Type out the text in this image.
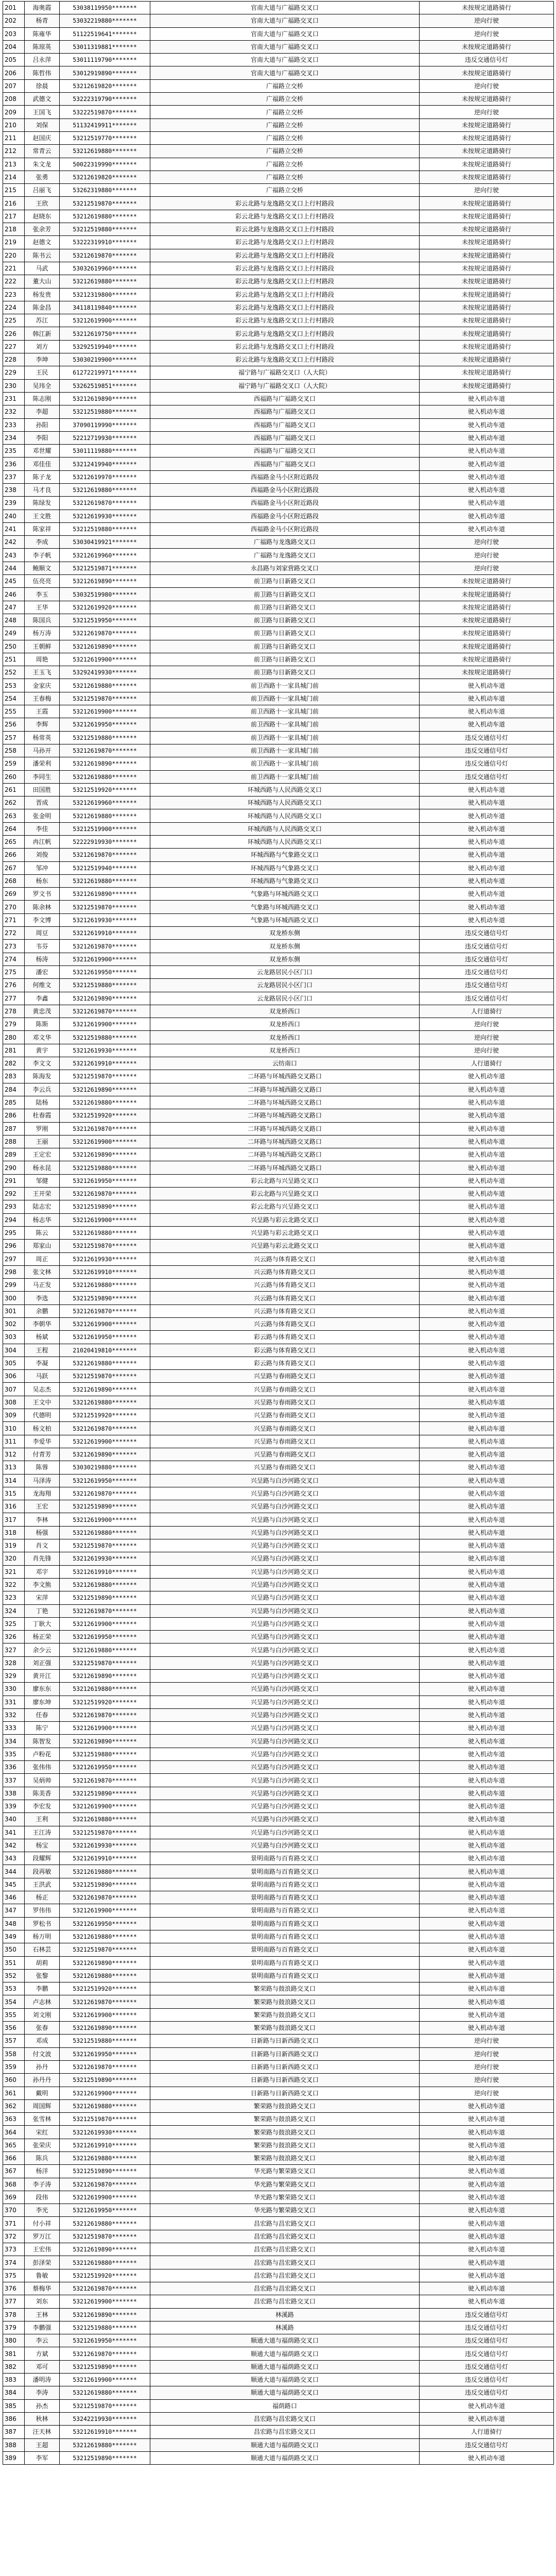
201	海奥霞	53038119950*******	官南大道与广福路交叉口	未按规定道路骑行
202	杨青	53032219880*******	官南大道与广福路交叉口	逆向行驶
203	陈雍华	51122519641*******	官南大道与广福路交叉口	逆向行驶
204	陈琼英	53011319881*******	官南大道与广福路交叉口	未按规定道路骑行
205	吕永萍	53011119790*******	官南大道与广福路交叉口	违反交通信号灯
206	陈哲伟	53012919890*******	官南大道与广福路交叉口	未按规定道路骑行
207	徐晨	53212619820*******	广福路立交桥	逆向行驶
208	武德文	53222319790*******	广福路立交桥	未按规定道路骑行
209	王国飞	53222519870*******	广福路立交桥	逆向行驶
210	刘保	51132419911*******	广福路立交桥	未按规定道路骑行
211	赵国庆	53212519770*******	广福路立交桥	未按规定道路骑行
212	常青云	53212619880*******	广福路立交桥	未按规定道路骑行
213	朱文龙	50022319990*******	广福路立交桥	未按规定道路骑行
214	张勇	53212619820*******	广福路立交桥	未按规定道路骑行
215	吕丽飞	53262319880*******	广福路立交桥	逆向行驶
216	王欣	53212519870*******	彩云北路与龙逸路交叉口上行村路段	未按规定道路骑行
217	赵晓东	53212619880*******	彩云北路与龙逸路交叉口上行村路段	未按规定道路骑行
218	张余芳	53212519880*******	彩云北路与龙逸路交叉口上行村路段	未按规定道路骑行
219	赵德文	53222319910*******	彩云北路与龙逸路交叉口上行村路段	未按规定道路骑行
220	陈书云	53212619870*******	彩云北路与龙逸路交叉口上行村路段	未按规定道路骑行
221	马武	53032619960*******	彩云北路与龙逸路交叉口上行村路段	未按规定道路骑行
222	董大山	53212619880*******	彩云北路与龙逸路交叉口上行村路段	未按规定道路骑行
223	杨发贵	53212319800*******	彩云北路与龙逸路交叉口上行村路段	未按规定道路骑行
224	陈金昌	34118119840*******	彩云北路与龙逸路交叉口上行村路段	未按规定道路骑行
225	苏江	53212619900*******	彩云北路与龙逸路交叉口上行村路段	未按规定道路骑行
226	韩江新	53212619750*******	彩云北路与龙逸路交叉口上行村路段	未按规定道路骑行
227	刘方	53292519940*******	彩云北路与龙逸路交叉口上行村路段	未按规定道路骑行
228	李坤	53030219900*******	彩云北路与龙逸路交叉口上行村路段	未按规定道路骑行
229	王民	61272219971*******	福宁路与广福路交叉口（人大院）	未按规定道路骑行
230	吴玮全	53262519851*******	福宁路与广福路交叉口（人大院）	未按规定道路骑行
231	陈志刚	53212619890*******	西福路与广福路交叉口	驶入机动车道
232	李超	53212519880*******	西福路与广福路交叉口	驶入机动车道
233	孙阳	37090119990*******	西福路与广福路交叉口	驶入机动车道
234	李阳	52212719930*******	西福路与广福路交叉口	驶入机动车道
235	邓世耀	53011119880*******	西福路与广福路交叉口	驶入机动车道
236	邓佳佳	53212419940*******	西福路与广福路交叉口	驶入机动车道
237	陈子龙	53212619970*******	西福路金马小区附近路段	驶入机动车道
238	马才良	53212619880*******	西福路金马小区附近路段	驶入机动车道
239	陈绿发	53212619870*******	西福路金马小区附近路段	驶入机动车道
240	王文胜	53212619930*******	西福路金马小区附近路段	驶入机动车道
241	陈家祥	53212519880*******	西福路金马小区附近路段	驶入机动车道
242	李成	53030419921*******	广福路与龙逸路交叉口	逆向行驶
243	李子帆	53212619960*******	广福路与龙逸路交叉口	逆向行驶
244	鲍顺文	53212519871*******	永昌路与刘家营路交叉口	逆向行驶
245	伍亮亮	53212619890*******	前卫路与日新路交叉口	未按规定道路骑行
246	李玉	53032519980*******	前卫路与日新路交叉口	未按规定道路骑行
247	王华	53212619920*******	前卫路与日新路交叉口	未按规定道路骑行
248	陈国兵	53212519950*******	前卫路与日新路交叉口	未按规定道路骑行
249	杨万涛	53212619870*******	前卫路与日新路交叉口	未按规定道路骑行
250	王朝鲜	53212619890*******	前卫路与日新路交叉口	未按规定道路骑行
251	周艳	53212619900*******	前卫路与日新路交叉口	未按规定道路骑行
252	王玉飞	53292419930*******	前卫路与日新路交叉口	未按规定道路骑行
253	金家庆	53212619880*******	前卫西路十一家具城门前	驶入机动车道
254	王春梅	53212519870*******	前卫西路十一家具城门前	驶入机动车道
255	王霞	53212619900*******	前卫西路十一家具城门前	驶入机动车道
256	李辉	53212619950*******	前卫西路十一家具城门前	驶入机动车道
257	杨常英	53212519880*******	前卫西路十一家具城门前	违反交通信号灯
258	马孙开	53212619870*******	前卫西路十一家具城门前	违反交通信号灯
259	潘荣利	53212619890*******	前卫西路十一家具城门前	违反交通信号灯
260	李同生	53212619880*******	前卫西路十一家具城门前	违反交通信号灯
261	田国胜	53212519920*******	环城西路与人民西路交叉口	驶入机动车道
262	晋成	53212619960*******	环城西路与人民西路交叉口	驶入机动车道
263	张金明	53212619880*******	环城西路与人民西路交叉口	驶入机动车道
264	李佳	53212519900*******	环城西路与人民西路交叉口	驶入机动车道
265	冉江帆	52222919930*******	环城西路与人民西路交叉口	驶入机动车道
266	刘俊	53212619870*******	环城西路与气象路交叉口	驶入机动车道
267	邹冲	53212519940*******	环城西路与气象路交叉口	驶入机动车道
268	杨东	53212619880*******	环城西路与气象路交叉口	驶入机动车道
269	罗文书	53212619890*******	气象路与环城西路交叉口	驶入机动车道
270	陈余林	53212519870*******	气象路与环城西路交叉口	驶入机动车道
271	李文博	53212619930*******	气象路与环城西路交叉口	驶入机动车道
272	周豆	53212619910*******	双龙桥东侧	违反交通信号灯
273	韦芬	53212619870*******	双龙桥东侧	违反交通信号灯
274	杨涛	53212619900*******	双龙桥东侧	违反交通信号灯
275	潘宏	53212619950*******	云龙路居民小区门口	违反交通信号灯
276	何维文	53212519880*******	云龙路居民小区门口	违反交通信号灯
277	李鑫	53212619890*******	云龙路居民小区门口	违反交通信号灯
278	黄忠茂	53212619870*******	双龙桥西口	人行道骑行
279	陈斯	53212619900*******	双龙桥西口	逆向行驶
280	邓文华	53212519880*******	双龙桥西口	逆向行驶
281	黄宇	53212619930*******	双龙桥西口	逆向行驶
282	李文文	53212619910*******	云纺南口	人行道骑行
283	陈海发	53212519870*******	二环路与环城西路交叉路口	驶入机动车道
284	李云兵	53212619890*******	二环路与环城西路交叉路口	驶入机动车道
285	陆杨	53212619880*******	二环路与环城西路交叉路口	驶入机动车道
286	杜春霞	53212519920*******	二环路与环城西路交叉路口	驶入机动车道
287	罗刚	53212619870*******	二环路与环城西路交叉路口	驶入机动车道
288	王丽	53212619900*******	二环路与环城西路交叉路口	驶入机动车道
289	王定宏	53212619890*******	二环路与环城西路交叉路口	驶入机动车道
290	杨永昆	53212519880*******	二环路与环城西路交叉路口	驶入机动车道
291	邹健	53212619950*******	彩云北路与兴呈路交叉口	驶入机动车道
292	王开荣	53212619870*******	彩云北路与兴呈路交叉口	驶入机动车道
293	陆志宏	53212519890*******	彩云北路与兴呈路交叉口	驶入机动车道
294	杨志华	53212619900*******	兴呈路与彩云北路交叉口	驶入机动车道
295	陈云	53212619880*******	兴呈路与彩云北路交叉口	驶入机动车道
296	郑家山	53212519870*******	兴呈路与彩云北路交叉口	驶入机动车道
297	周正	53212619930*******	兴云路与体育路交叉口	驶入机动车道
298	张文林	53212619910*******	兴云路与体育路交叉口	驶入机动车道
299	马正发	53212619880*******	兴云路与体育路交叉口	驶入机动车道
300	李选	53212519890*******	兴云路与体育路交叉口	驶入机动车道
301	余鹏	53212619870*******	兴云路与体育路交叉口	驶入机动车道
302	李朝华	53212619900*******	兴云路与体育路交叉口	驶入机动车道
303	杨斌	53212619950*******	彩云路与体育路交叉口	驶入机动车道
304	王程	21020419810*******	彩云路与体育路交叉口	驶入机动车道
305	李凝	53212619880*******	彩云路与体育路交叉口	驶入机动车道
306	马跃	53212519870*******	兴呈路与春雨路交叉口	驶入机动车道
307	吴志杰	53212619890*******	兴呈路与春雨路交叉口	驶入机动车道
308	王文中	53212619880*******	兴呈路与春雨路交叉口	驶入机动车道
309	代德明	53212519920*******	兴呈路与春雨路交叉口	驶入机动车道
310	杨文柏	53212619870*******	兴呈路与春雨路交叉口	驶入机动车道
311	李爱华	53212619900*******	兴呈路与春雨路交叉口	驶入机动车道
312	付青芳	53212619890*******	兴呈路与春雨路交叉口	驶入机动车道
313	陈蓉	53030219880*******	兴呈路与春雨路交叉口	驶入机动车道
314	马泽涛	53212619950*******	兴呈路与白沙河路交叉口	驶入机动车道
315	龙海翔	53212619870*******	兴呈路与白沙河路交叉口	驶入机动车道
316	王宏	53212519890*******	兴呈路与白沙河路交叉口	驶入机动车道
317	李林	53212619900*******	兴呈路与白沙河路交叉口	驶入机动车道
318	杨强	53212619880*******	兴呈路与白沙河路交叉口	驶入机动车道
319	肖文	53212519870*******	兴呈路与白沙河路交叉口	驶入机动车道
320	肖先锋	53212619930*******	兴呈路与白沙河路交叉口	驶入机动车道
321	邓宇	53212619910*******	兴呈路与白沙河路交叉口	驶入机动车道
322	李文熊	53212619880*******	兴呈路与白沙河路交叉口	驶入机动车道
323	宋萍	53212519890*******	兴呈路与白沙河路交叉口	驶入机动车道
324	丁艳	53212619870*******	兴呈路与白沙河路交叉口	驶入机动车道
325	丁耿大	53212619900*******	兴呈路与白沙河路交叉口	驶入机动车道
326	杨正荣	53212619950*******	兴呈路与白沙河路交叉口	驶入机动车道
327	余少云	53212619880*******	兴呈路与白沙河路交叉口	驶入机动车道
328	刘正强	53212519870*******	兴呈路与白沙河路交叉口	驶入机动车道
329	黄开江	53212619890*******	兴呈路与白沙河路交叉口	驶入机动车道
330	廖东东	53212619880*******	兴呈路与白沙河路交叉口	驶入机动车道
331	廖东坤	53212519920*******	兴呈路与白沙河路交叉口	驶入机动车道
332	任春	53212619870*******	兴呈路与白沙河路交叉口	驶入机动车道
333	陈宁	53212619900*******	兴呈路与白沙河路交叉口	驶入机动车道
334	陈智发	53212619890*******	兴呈路与白沙河路交叉口	驶入机动车道
335	卢粉花	53212519880*******	兴呈路与白沙河路交叉口	驶入机动车道
336	张伟伟	53212619950*******	兴呈路与白沙河路交叉口	驶入机动车道
337	吴炳帅	53212619870*******	兴呈路与白沙河路交叉口	驶入机动车道
338	陈美香	53212519890*******	兴呈路与白沙河路交叉口	驶入机动车道
339	李宏发	53212619900*******	兴呈路与白沙河路交叉口	驶入机动车道
340	王利	53212619880*******	兴呈路与白沙河路交叉口	驶入机动车道
341	王江涛	53212519870*******	兴呈路与白沙河路交叉口	驶入机动车道
342	杨宝	53212619930*******	兴呈路与白沙河路交叉口	驶入机动车道
343	段耀辉	53212619910*******	景明南路与百育路交叉口	驶入机动车道
344	段再敏	53212619880*******	景明南路与百育路交叉口	驶入机动车道
345	王洪武	53212519890*******	景明南路与百育路交叉口	驶入机动车道
346	杨正	53212619870*******	景明南路与百育路交叉口	驶入机动车道
347	罗伟伟	53212619900*******	景明南路与百育路交叉口	驶入机动车道
348	罗松书	53212619950*******	景明南路与百育路交叉口	驶入机动车道
349	杨万明	53212619880*******	景明南路与百育路交叉口	驶入机动车道
350	石林芸	53212519870*******	景明南路与百育路交叉口	驶入机动车道
351	胡莉	53212619890*******	景明南路与百育路交叉口	驶入机动车道
352	张黎	53212619880*******	景明南路与百育路交叉口	驶入机动车道
353	李鹏	53212519920*******	繁荣路与鼓浪路交叉口	驶入机动车道
354	卢志林	53212619870*******	繁荣路与鼓浪路交叉口	驶入机动车道
355	刘文刚	53212619900*******	繁荣路与鼓浪路交叉口	驶入机动车道
356	张春	53212619890*******	繁荣路与鼓浪路交叉口	驶入机动车道
357	邓成	53212519880*******	日新路与日新西路交叉口	逆向行驶
358	付文波	53212619950*******	日新路与日新西路交叉口	逆向行驶
359	孙丹	53212619870*******	日新路与日新西路交叉口	逆向行驶
360	孙丹丹	53212519890*******	日新路与日新西路交叉口	逆向行驶
361	戴明	53212619900*******	日新路与日新西路交叉口	逆向行驶
362	周国辉	53212619880*******	繁荣路与鼓浪路交叉口	驶入机动车道
363	张雪林	53212519870*******	繁荣路与鼓浪路交叉口	驶入机动车道
364	宋红	53212619930*******	繁荣路与鼓浪路交叉口	驶入机动车道
365	张荣庆	53212619910*******	繁荣路与鼓浪路交叉口	驶入机动车道
366	陈兵	53212619880*******	繁荣路与鼓浪路交叉口	驶入机动车道
367	杨洋	53212519890*******	华光路与繁荣路交叉口	驶入机动车道
368	李子涛	53212619870*******	华光路与繁荣路交叉口	驶入机动车道
369	段伟	53212619900*******	华光路与繁荣路交叉口	驶入机动车道
370	李光	53212619950*******	华光路与繁荣路交叉口	驶入机动车道
371	付小祥	53212619880*******	昌宏路与昌宏路交叉口	驶入机动车道
372	罗万江	53212519870*******	昌宏路与昌宏路交叉口	驶入机动车道
373	王宏伟	53212619890*******	昌宏路与昌宏路交叉口	驶入机动车道
374	彭泽荣	53212619880*******	昌宏路与昌宏路交叉口	驶入机动车道
375	鲁敏	53212519920*******	昌宏路与昌宏路交叉口	驶入机动车道
376	蔡梅华	53212619870*******	昌宏路与昌宏路交叉口	驶入机动车道
377	刘东	53212619900*******	昌宏路与昌宏路交叉口	驶入机动车道
378	王林	53212619890*******	林溪路	违反交通信号灯
379	李鹏强	53212519880*******	林溪路	违反交通信号灯
380	李云	53212619950*******	顺通大道与福荫路交叉口	违反交通信号灯
381	方斌	53212619870*******	顺通大道与福荫路交叉口	违反交通信号灯
382	邓可	53212519890*******	顺通大道与福荫路交叉口	违反交通信号灯
383	潘明涛	53212619900*******	顺通大道与福荫路交叉口	违反交通信号灯
384	李涛	53212619880*******	顺通大道与福荫路交叉口	违反交通信号灯
385	孙杰	53212519870*******	福荫路口	驶入机动车道
386	秋林	53242219930*******	昌宏路与昌宏路交叉口	驶入机动车道
387	汪天林	53212619910*******	昌宏路与昌宏路交叉口	人行道骑行
388	王超	53212619880*******	顺通大道与福荫路交叉口	违反交通信号灯
389	李军	53212519890*******	顺通大道与福荫路交叉口	驶入机动车道
